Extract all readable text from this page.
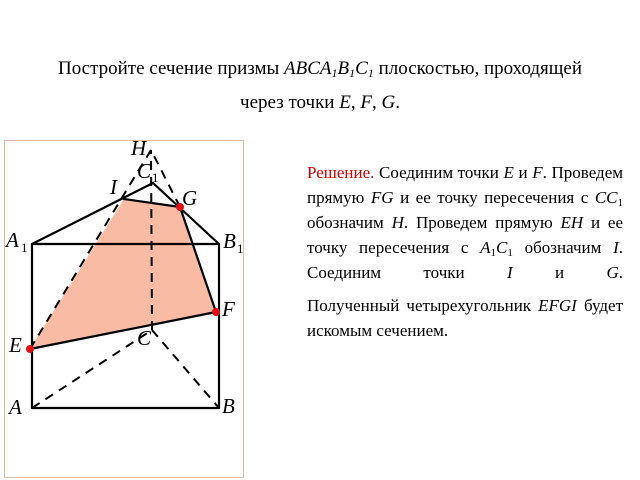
Постройте сечение призмы $ABCA_1B_1C_1$ плоскостью, проходящей
через точки E, F, G.
H
C 1
I	G
A 1	B 1
F
C
E
A	B

Решение. Соединим точки E и F. Проведем прямую FG и ее точку пересечения с $CC_1$ обозначим H. Проведем прямую EH и ее точку пересечения с $A_1C_1$ обозначим I. Соединим точки I и G.

Полученный четырехугольник EFGI будет искомым сечением.
